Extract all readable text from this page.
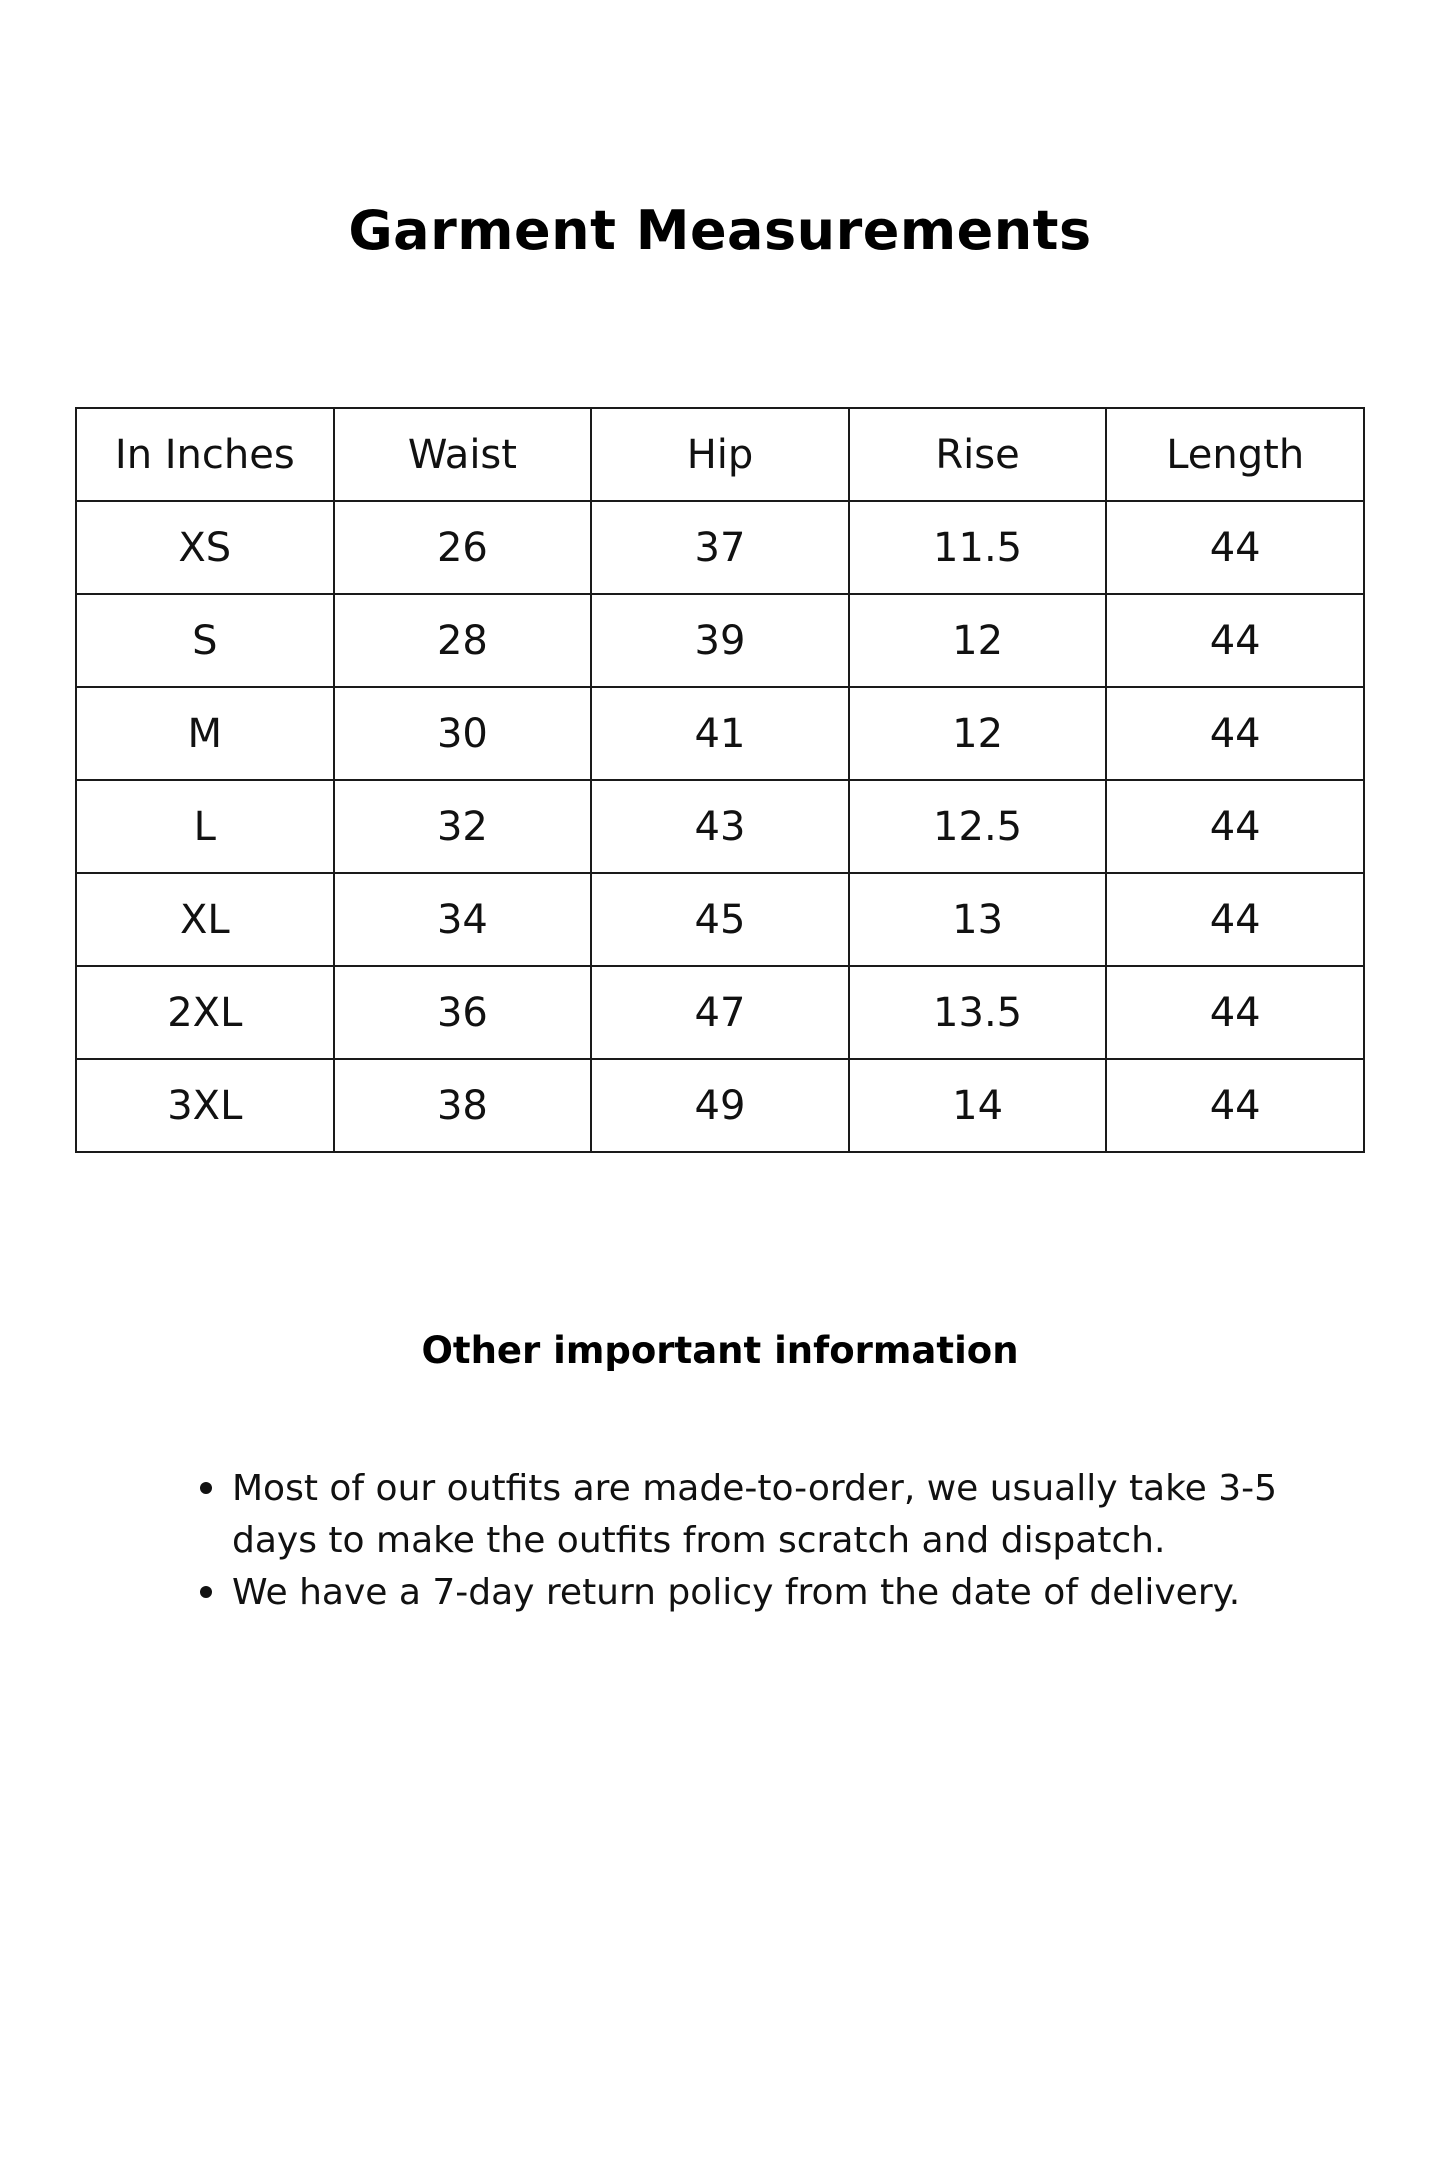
Garment Measurements
In Inches	Waist	Hip	Rise	Length
XS	26	37	11.5	44
S	28	39	12	44
M	30	41	12	44
L	32	43	12.5	44
XL	34	45	13	44
2XL	36	47	13.5	44
3XL	38	49	14	44
Other important information
Most of our outfits are made-to-order, we usually take 3-5 days to make the outfits from scratch and dispatch.
We have a 7-day return policy from the date of delivery.
